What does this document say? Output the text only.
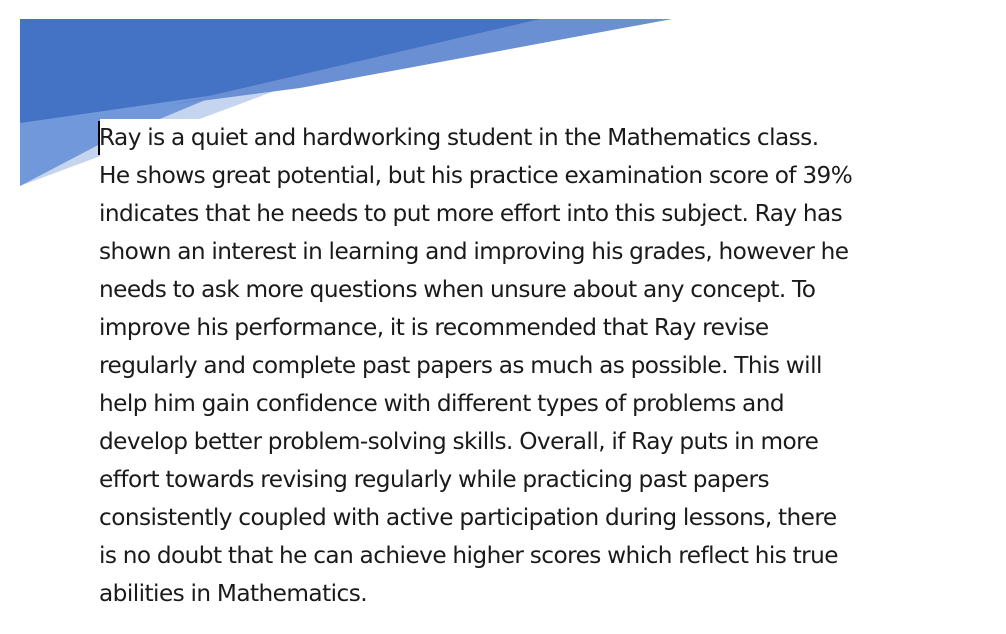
Ray is a quiet and hardworking student in the Mathematics class.
He shows great potential, but his practice examination score of 39%
indicates that he needs to put more effort into this subject. Ray has
shown an interest in learning and improving his grades, however he
needs to ask more questions when unsure about any concept. To
improve his performance, it is recommended that Ray revise
regularly and complete past papers as much as possible. This will
help him gain confidence with different types of problems and
develop better problem-solving skills. Overall, if Ray puts in more
effort towards revising regularly while practicing past papers
consistently coupled with active participation during lessons, there
is no doubt that he can achieve higher scores which reflect his true
abilities in Mathematics.
